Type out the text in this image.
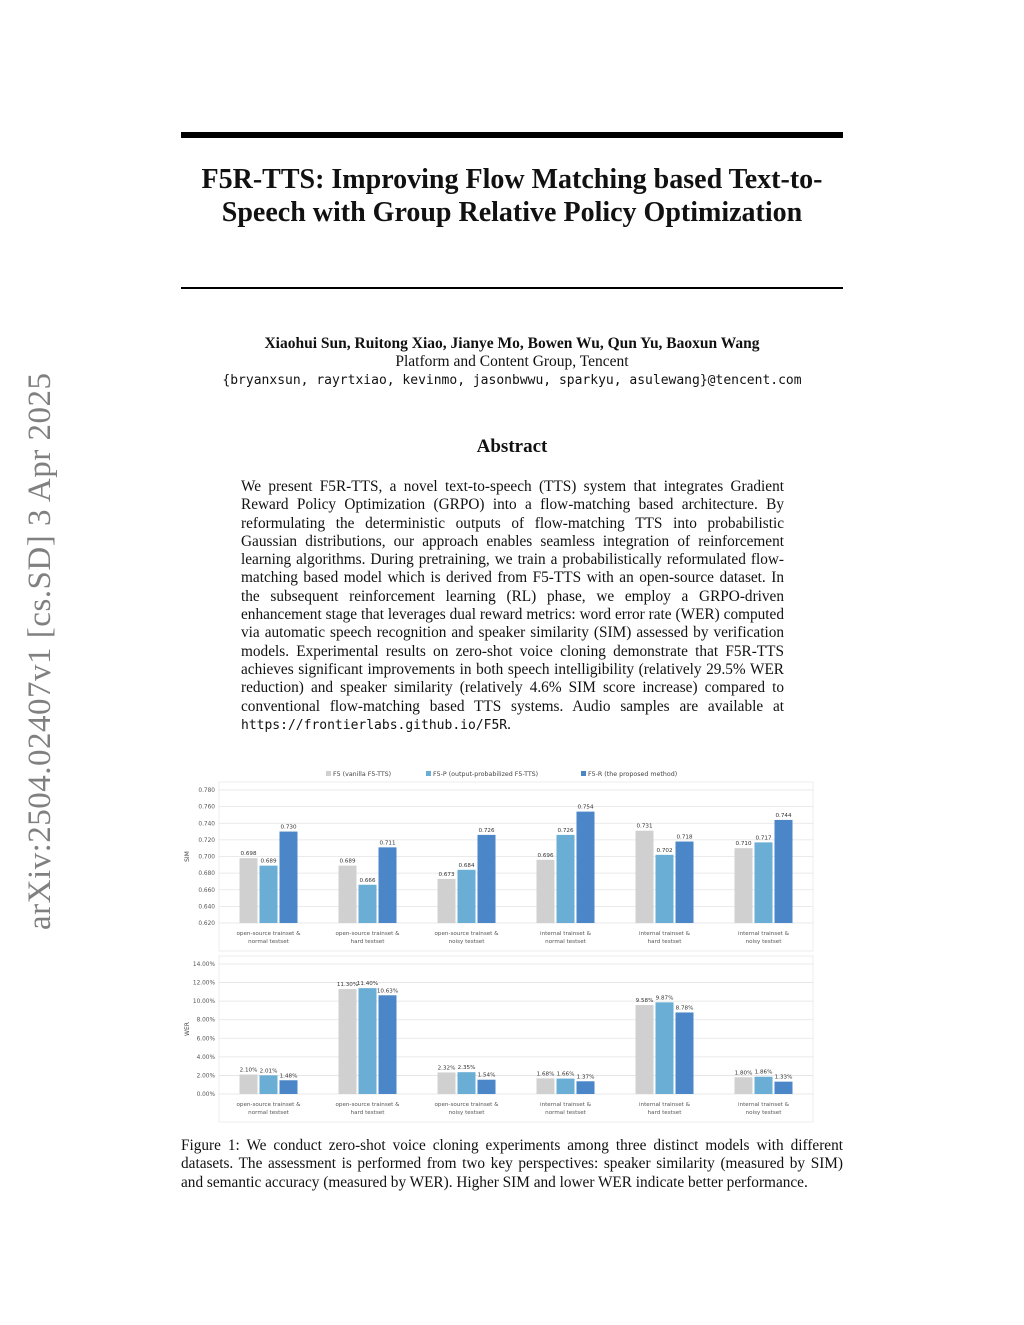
arXiv:2504.02407v1 [cs.SD] 3 Apr 2025
F5R-TTS: Improving Flow Matching based Text-to-Speech with Group Relative Policy Optimization
Xiaohui Sun, Ruitong Xiao, Jianye Mo, Bowen Wu, Qun Yu, Baoxun Wang
Platform and Content Group, Tencent
{bryanxsun, rayrtxiao, kevinmo, jasonbwwu, sparkyu, asulewang}@tencent.com
Abstract
We present F5R-TTS, a novel text-to-speech (TTS) system that integrates Gradient Reward Policy Optimization (GRPO) into a flow-matching based architecture. By reformulating the deterministic outputs of flow-matching TTS into probabilistic Gaussian distributions, our approach enables seamless integration of reinforcement learning algorithms. During pretraining, we train a probabilistically reformulated flow-matching based model which is derived from F5-TTS with an open-source dataset. In the subsequent reinforcement learning (RL) phase, we employ a GRPO-driven enhancement stage that leverages dual reward metrics: word error rate (WER) computed via automatic speech recognition and speaker similarity (SIM) assessed by verification models. Experimental results on zero-shot voice cloning demonstrate that F5R-TTS achieves significant improvements in both speech intelligibility (relatively 29.5% WER reduction) and speaker similarity (relatively 4.6% SIM score increase) compared to conventional flow-matching based TTS systems. Audio samples are available at https://frontierlabs.github.io/F5R.
F5 (vanilla F5-TTS)	F5-P (output-probabilized F5-TTS)	F5-R (the proposed method)
0.620
0.640
0.660
0.680
0.700
0.720
0.740
0.760
0.780
SIM	0.698
0.689
0.730
open-source trainset &
normal testset
0.689
0.666
0.711
open-source trainset &
hard testset
0.673
0.684
0.726
open-source trainset &
noisy testset
0.696
0.726
0.754
internal trainset &
normal testset
0.731
0.702
0.718
internal trainset &
hard testset
0.710
0.717
0.744
internal trainset &
noisy testset
0.00%
2.00%
4.00%
6.00%
8.00%
10.00%
12.00%
14.00%
WER
2.10% 2.01%
1.48%
open-source trainset &
normal testset
11.30%
11.40%
10.63%
open-source trainset &
hard testset
2.32% 2.35%
1.54%
open-source trainset &
noisy testset
1.68% 1.66% 1.37%
internal trainset &
normal testset
9.58% 9.87%
8.78%
internal trainset &
hard testset
1.80% 1.86%
1.33%
internal trainset &
noisy testset
Figure 1: We conduct zero-shot voice cloning experiments among three distinct models with different datasets. The assessment is performed from two key perspectives: speaker similarity (measured by SIM) and semantic accuracy (measured by WER). Higher SIM and lower WER indicate better performance.
